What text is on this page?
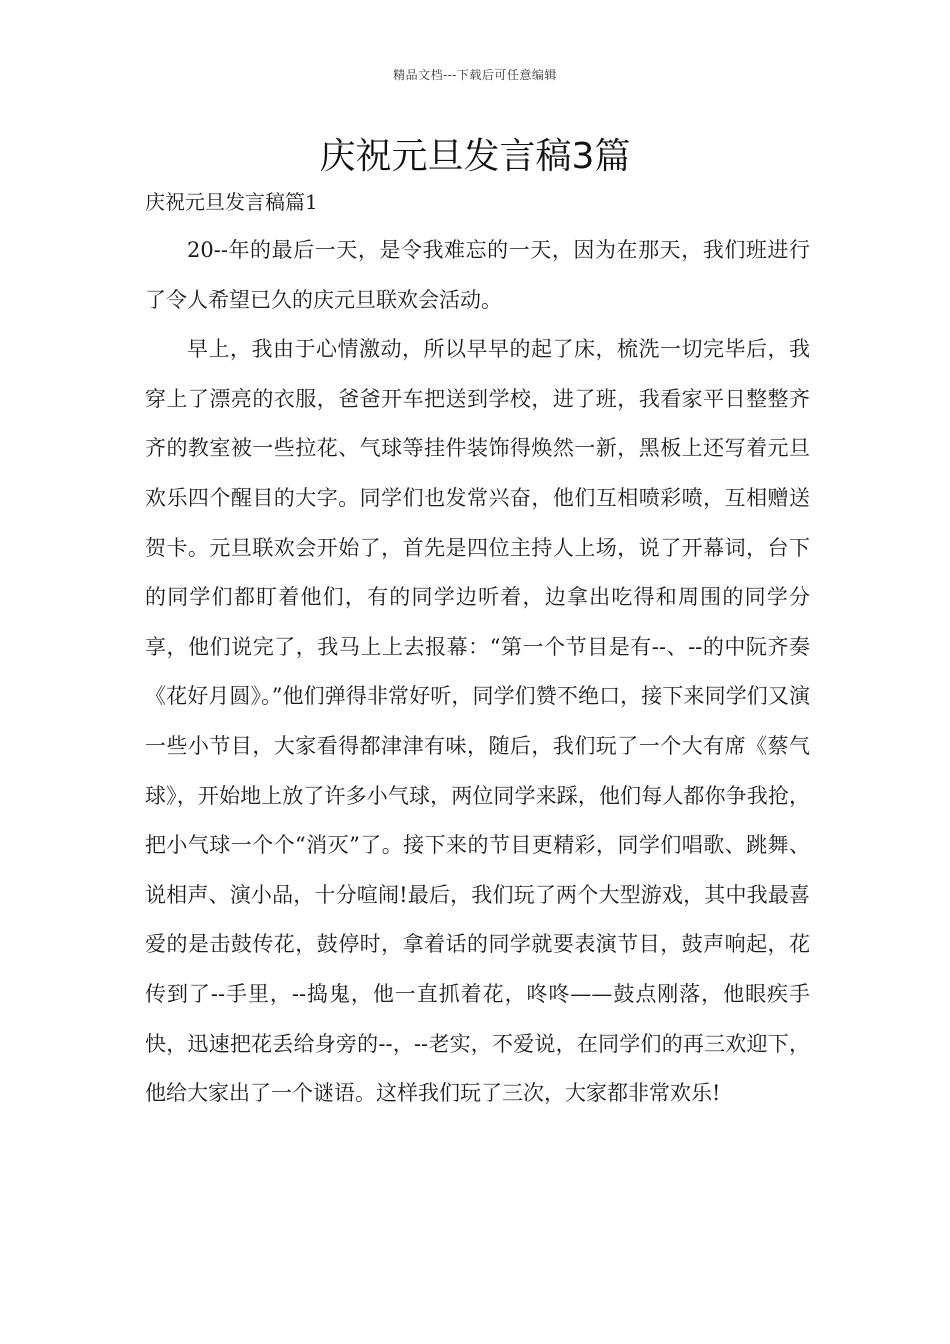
精品文档---下载后可任意编辑
庆祝元旦发言稿3篇
庆祝元旦发言稿篇1

20--年的最后一天，是令我难忘的一天，因为在那天，我们班进行了令人希望已久的庆元旦联欢会活动。

早上，我由于心情激动，所以早早的起了床，梳洗一切完毕后，我穿上了漂亮的衣服，爸爸开车把送到学校，进了班，我看家平日整整齐齐的教室被一些拉花、气球等挂件装饰得焕然一新，黑板上还写着元旦欢乐四个醒目的大字。同学们也发常兴奋，他们互相喷彩喷，互相赠送贺卡。元旦联欢会开始了，首先是四位主持人上场，说了开幕词，台下的同学们都盯着他们，有的同学边听着，边拿出吃得和周围的同学分享，他们说完了，我马上上去报幕：“第一个节目是有--、--的中阮齐奏《花好月圆》。”他们弹得非常好听，同学们赞不绝口，接下来同学们又演一些小节目，大家看得都津津有味，随后，我们玩了一个大有席《蔡气球》，开始地上放了许多小气球，两位同学来踩，他们每人都你争我抢，把小气球一个个“消灭”了。接下来的节目更精彩，同学们唱歌、跳舞、说相声、演小品，十分喧闹!最后，我们玩了两个大型游戏，其中我最喜爱的是击鼓传花，鼓停时，拿着话的同学就要表演节目，鼓声响起，花传到了--手里，--捣鬼，他一直抓着花，咚咚——鼓点刚落，他眼疾手快，迅速把花丢给身旁的--，--老实，不爱说，在同学们的再三欢迎下，他给大家出了一个谜语。这样我们玩了三次，大家都非常欢乐!
